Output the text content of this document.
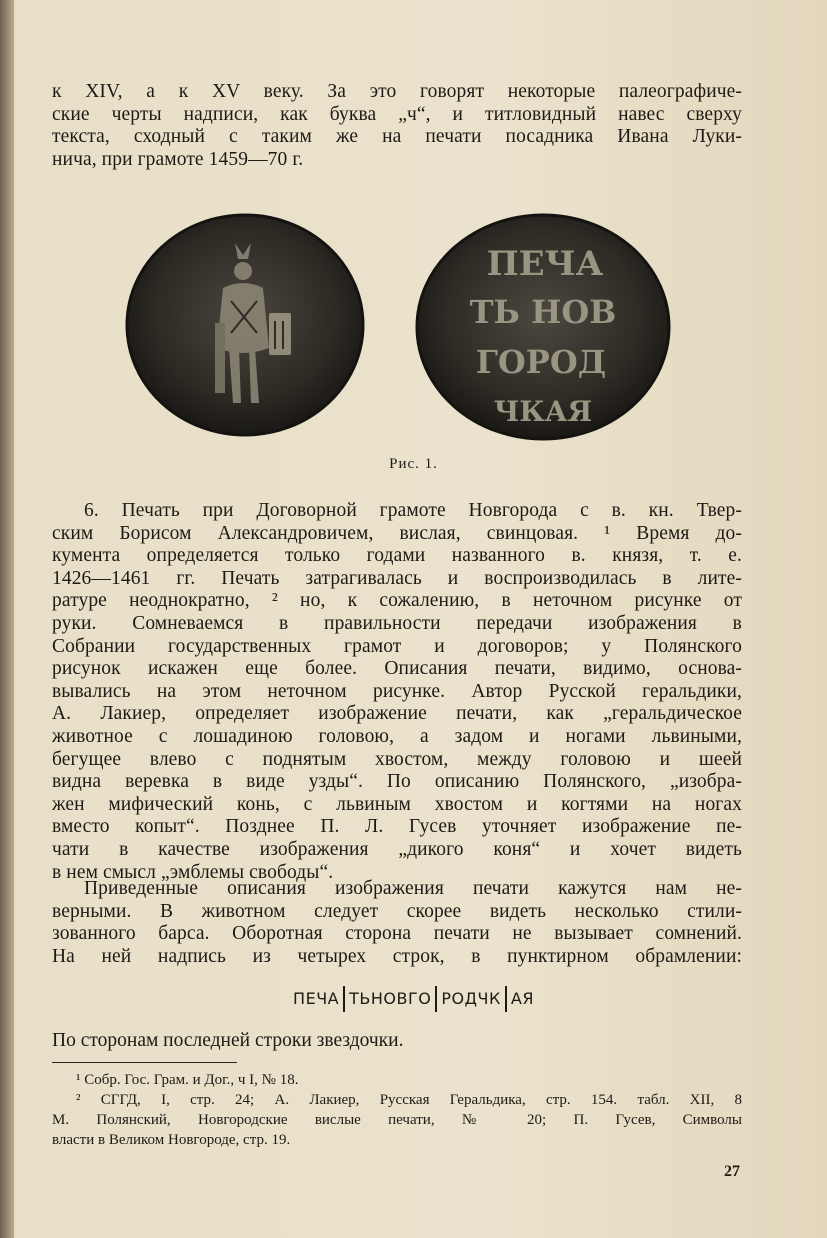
к XIV, а к XV веку. За это говорят некоторые палеографиче-
ские черты надписи, как буква „ч“, и титловидный навес сверху
текста, сходный с таким же на печати посадника Ивана Луки-
нича, при грамоте 1459—70 г.
ПЕЧА
ТЬ НОВ
ГОРОД
ЧКАЯ
Рис. 1.
6. Печать при Договорной грамоте Новгорода с в. кн. Твер-
ским Борисом Александровичем, вислая, свинцовая. ¹ Время до-
кумента определяется только годами названного в. князя, т. е.
1426—1461 гг. Печать затрагивалась и воспроизводилась в лите-
ратуре неоднократно, ² но, к сожалению, в неточном рисунке от
руки. Сомневаемся в правильности передачи изображения в
Собрании государственных грамот и договоров; у Полянского
рисунок искажен еще более. Описания печати, видимо, основа-
вывались на этом неточном рисунке. Автор Русской геральдики,
А. Лакиер, определяет изображение печати, как „геральдическое
животное с лошадиною головою, а задом и ногами львиными,
бегущее влево с поднятым хвостом, между головою и шеей
видна веревка в виде узды“. По описанию Полянского, „изобра-
жен мифический конь, с львиным хвостом и когтями на ногах
вместо копыт“. Позднее П. Л. Гусев уточняет изображение пе-
чати в качестве изображения „дикого коня“ и хочет видеть
в нем смысл „эмблемы свободы“.
Приведенные описания изображения печати кажутся нам не-
верными. В животном следует скорее видеть несколько стили-
зованного барса. Оборотная сторона печати не вызывает сомнений.
На ней надпись из четырех строк, в пунктирном обрамлении:
ПЕЧА ТЬНОВГО РОДЧК АЯ
По сторонам последней строки звездочки.
¹ Собр. Гос. Грам. и Дог., ч I, № 18.
² СГГД, I, стр. 24; А. Лакиер, Русская Геральдика, стр. 154. табл. XII, 8
М. Полянский, Новгородские вислые печати, № 20; П. Гусев, Символы
власти в Великом Новгороде, стр. 19.
27
